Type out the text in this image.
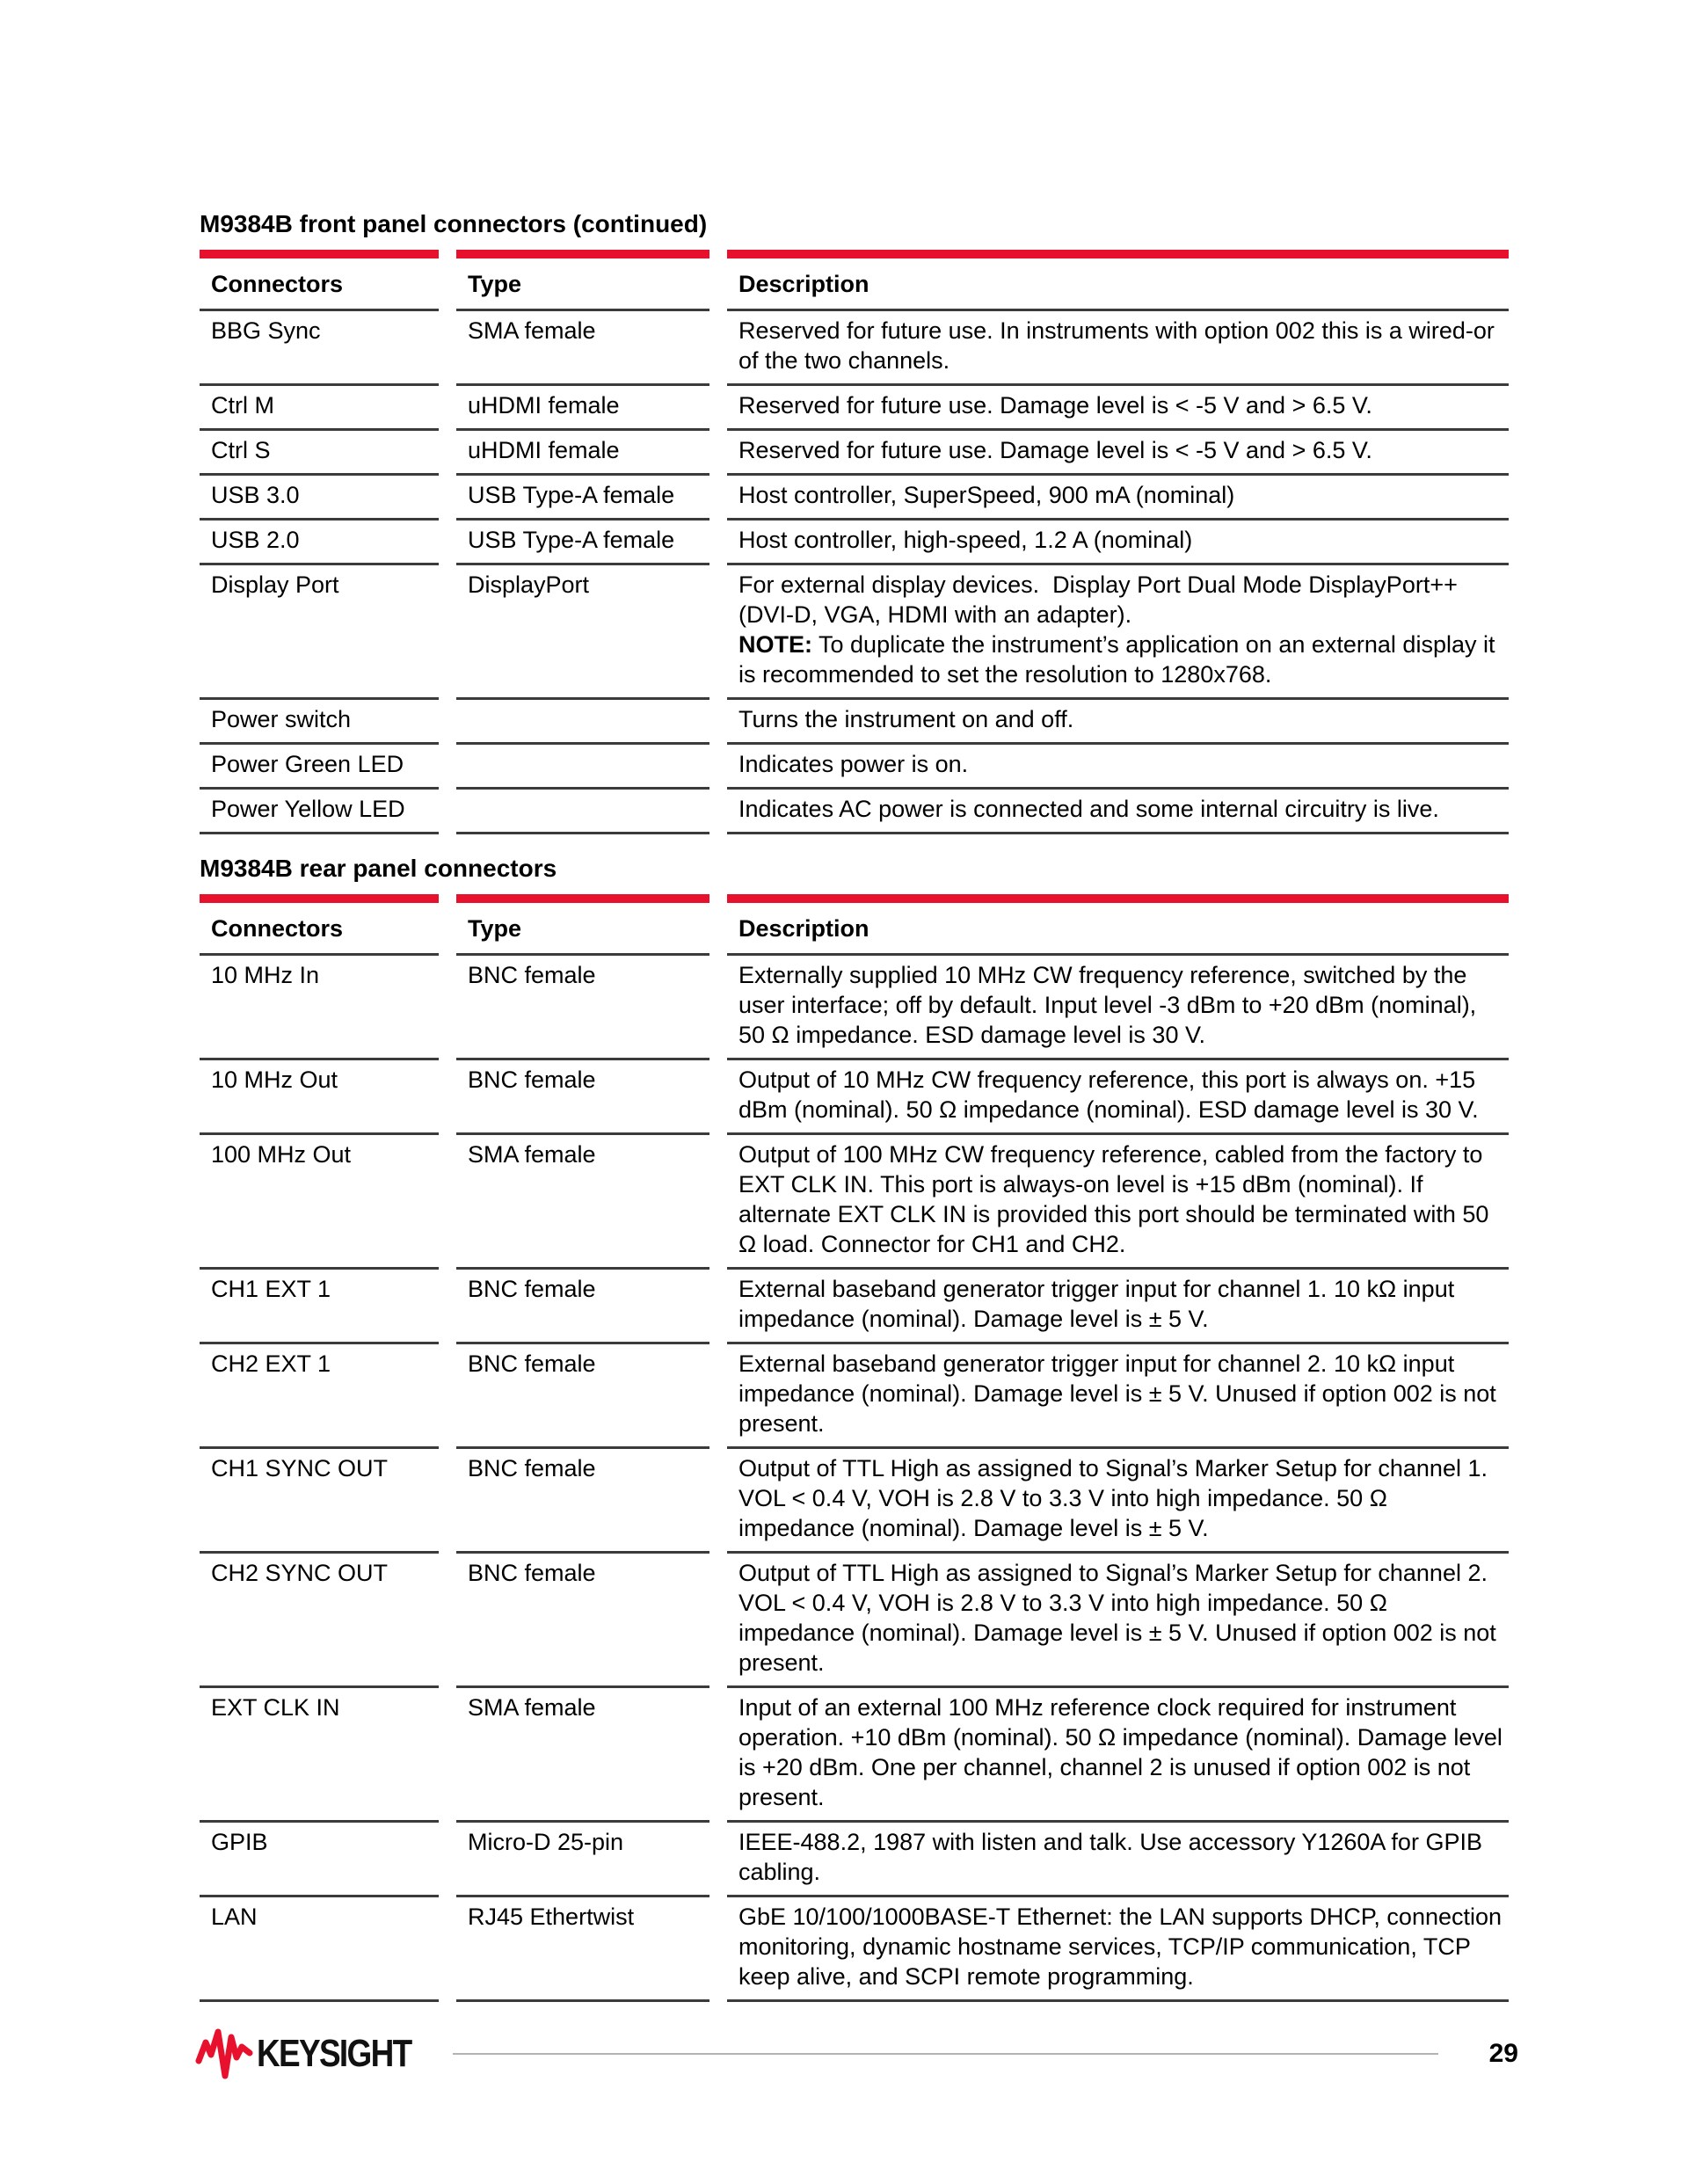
M9384B front panel connectors (continued)
Connectors	Type	Description
BBG Sync	SMA female	Reserved for future use. In instruments with option 002 this is a wired-or of the two channels.

Ctrl M	uHDMI female	Reserved for future use. Damage level is < -5 V and > 6.5 V.

Ctrl S	uHDMI female	Reserved for future use. Damage level is < -5 V and > 6.5 V.

USB 3.0	USB Type-A female	Host controller, SuperSpeed, 900 mA (nominal)

USB 2.0	USB Type-A female	Host controller, high-speed, 1.2 A (nominal)

Display Port	DisplayPort	For external display devices.  Display Port Dual Mode DisplayPort++ (DVI-D, VGA, HDMI with an adapter).
NOTE: To duplicate the instrument’s application on an external display it is recommended to set the resolution to 1280x768.

Power switch		Turns the instrument on and off.

Power Green LED		Indicates power is on.

Power Yellow LED		Indicates AC power is connected and some internal circuitry is live.
M9384B rear panel connectors
Connectors	Type	Description
10 MHz In	BNC female	Externally supplied 10 MHz CW frequency reference, switched by the user interface; off by default. Input level -3 dBm to +20 dBm (nominal), 50 Ω impedance. ESD damage level is 30 V.

10 MHz Out	BNC female	Output of 10 MHz CW frequency reference, this port is always on. +15 dBm (nominal). 50 Ω impedance (nominal). ESD damage level is 30 V.

100 MHz Out	SMA female	Output of 100 MHz CW frequency reference, cabled from the factory to EXT CLK IN. This port is always-on level is +15 dBm (nominal). If alternate EXT CLK IN is provided this port should be terminated with 50 Ω load. Connector for CH1 and CH2.

CH1 EXT 1	BNC female	External baseband generator trigger input for channel 1. 10 kΩ input impedance (nominal). Damage level is ± 5 V.

CH2 EXT 1	BNC female	External baseband generator trigger input for channel 2. 10 kΩ input impedance (nominal). Damage level is ± 5 V. Unused if option 002 is not present.

CH1 SYNC OUT	BNC female	Output of TTL High as assigned to Signal’s Marker Setup for channel 1. VOL < 0.4 V, VOH is 2.8 V to 3.3 V into high impedance. 50 Ω impedance (nominal). Damage level is ± 5 V.

CH2 SYNC OUT	BNC female	Output of TTL High as assigned to Signal’s Marker Setup for channel 2. VOL < 0.4 V, VOH is 2.8 V to 3.3 V into high impedance. 50 Ω impedance (nominal). Damage level is ± 5 V. Unused if option 002 is not present.

EXT CLK IN	SMA female	Input of an external 100 MHz reference clock required for instrument operation. +10 dBm (nominal). 50 Ω impedance (nominal). Damage level is +20 dBm. One per channel, channel 2 is unused if option 002 is not present.

GPIB	Micro-D 25-pin	IEEE-488.2, 1987 with listen and talk. Use accessory Y1260A for GPIB cabling.

LAN	RJ45 Ethertwist	GbE 10/100/1000BASE-T Ethernet: the LAN supports DHCP, connection monitoring, dynamic hostname services, TCP/IP communication, TCP keep alive, and SCPI remote programming.
KEYSIGHT	29
